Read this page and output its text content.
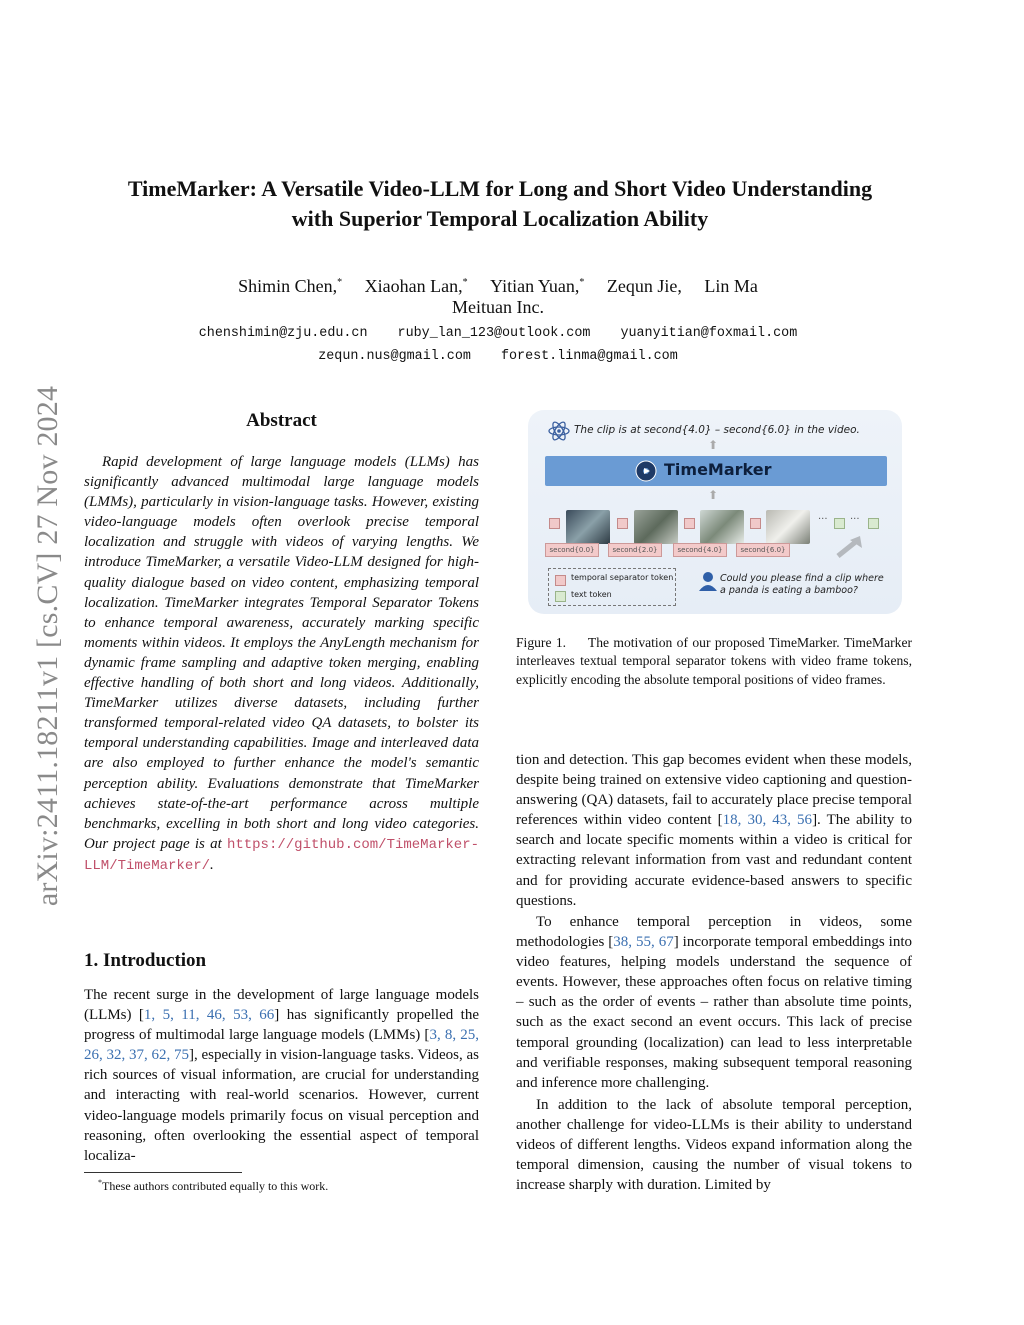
arXiv:2411.18211v1 [cs.CV] 27 Nov 2024
TimeMarker: A Versatile Video-LLM for Long and Short Video Understanding
with Superior Temporal Localization Ability
Shimin Chen,* Xiaohan Lan,* Yitian Yuan,* Zequn Jie, Lin Ma
Meituan Inc.
chenshimin@zju.edu.cn ruby_lan_123@outlook.com yuanyitian@foxmail.com
zequn.nus@gmail.com forest.linma@gmail.com
Abstract
Rapid development of large language models (LLMs) has significantly advanced multimodal large language models (LMMs), particularly in vision-language tasks. However, existing video-language models often overlook precise temporal localization and struggle with videos of varying lengths. We introduce TimeMarker, a versatile Video-LLM designed for high-quality dialogue based on video content, emphasizing temporal localization. TimeMarker integrates Temporal Separator Tokens to enhance temporal awareness, accurately marking specific moments within videos. It employs the AnyLength mechanism for dynamic frame sampling and adaptive token merging, enabling effective handling of both short and long videos. Additionally, TimeMarker utilizes diverse datasets, including further transformed temporal-related video QA datasets, to bolster its temporal understanding capabilities. Image and interleaved data are also employed to further enhance the model's semantic perception ability. Evaluations demonstrate that TimeMarker achieves state-of-the-art performance across multiple benchmarks, excelling in both short and long video categories. Our project page is at https://github.com/TimeMarker-LLM/TimeMarker/.
1. Introduction
The recent surge in the development of large language models (LLMs) [1, 5, 11, 46, 53, 66] has significantly propelled the progress of multimodal large language models (LMMs) [3, 8, 25, 26, 32, 37, 62, 75], especially in vision-language tasks. Videos, as rich sources of visual information, are crucial for understanding and interacting with real-world scenarios. However, current video-language models primarily focus on visual perception and reasoning, often overlooking the essential aspect of temporal localiza-
*These authors contributed equally to this work.
The clip is at second{4.0} – second{6.0} in the video.
⬆
TimeMarker
⬆
··· ···
second{0.0}	second{2.0}	second{4.0}	second{6.0}
temporal separator token
text token
Could you please find a clip where a panda is eating a bamboo?
Figure 1. The motivation of our proposed TimeMarker. TimeMarker interleaves textual temporal separator tokens with video frame tokens, explicitly encoding the absolute temporal positions of video frames.
tion and detection. This gap becomes evident when these models, despite being trained on extensive video captioning and question-answering (QA) datasets, fail to accurately place precise temporal references within video content [18, 30, 43, 56]. The ability to search and locate specific moments within a video is critical for extracting relevant information from vast and redundant content and for providing accurate evidence-based answers to specific questions.
To enhance temporal perception in videos, some methodologies [38, 55, 67] incorporate temporal embeddings into video features, helping models understand the sequence of events. However, these approaches often focus on relative timing – such as the order of events – rather than absolute time points, such as the exact second an event occurs. This lack of precise temporal grounding (localization) can lead to less interpretable and verifiable responses, making subsequent temporal reasoning and inference more challenging.
In addition to the lack of absolute temporal perception, another challenge for video-LLMs is their ability to understand videos of different lengths. Videos expand information along the temporal dimension, causing the number of visual tokens to increase sharply with duration. Limited by
